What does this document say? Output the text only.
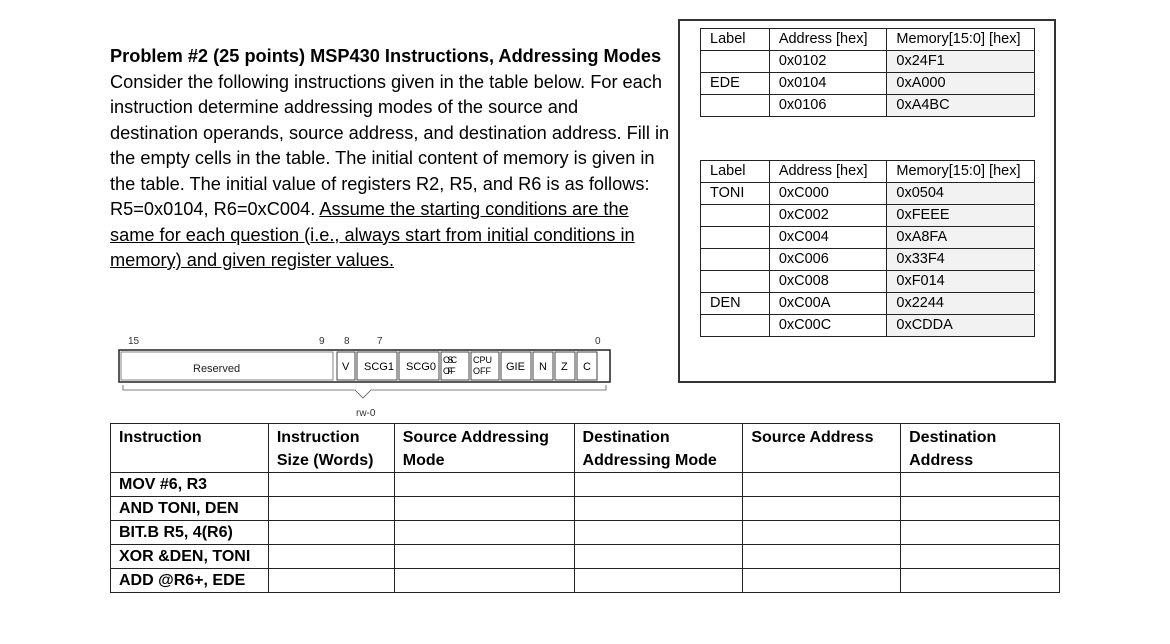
Problem #2 (25 points) MSP430 Instructions, Addressing Modes
Consider the following instructions given in the table below. For each instruction determine addressing modes of the source and destination operands, source address, and destination address. Fill in the empty cells in the table. The initial content of memory is given in the table. The initial value of registers R2, R5, and R6 is as follows: R5=0x0104, R6=0xC004. Assume the starting conditions are the same for each question (i.e., always start from initial conditions in memory) and given register values.
Label	Address [hex]	Memory[15:0] [hex]
	0x0102	0x24F1
EDE	0x0104	0xA000
	0x0106	0xA4BC
Label	Address [hex]	Memory[15:0] [hex]
TONI	0xC000	0x0504
	0xC002	0xFEEE
	0xC004	0xA8FA
	0xC006	0x33F4
	0xC008	0xF014
DEN	0xC00A	0x2244
	0xC00C	0xCDDA
15	9 8	7	0
Reserved	V SCG1 SCG0
OSC OFF
CPU OFF	GIE N Z C
rw-0
Instruction	Instruction Size (Words)	Source Addressing Mode	Destination Addressing Mode	Source Address	Destination Address
MOV #6, R3					
AND TONI, DEN					
BIT.B R5, 4(R6)					
XOR &DEN, TONI					
ADD @R6+, EDE					
